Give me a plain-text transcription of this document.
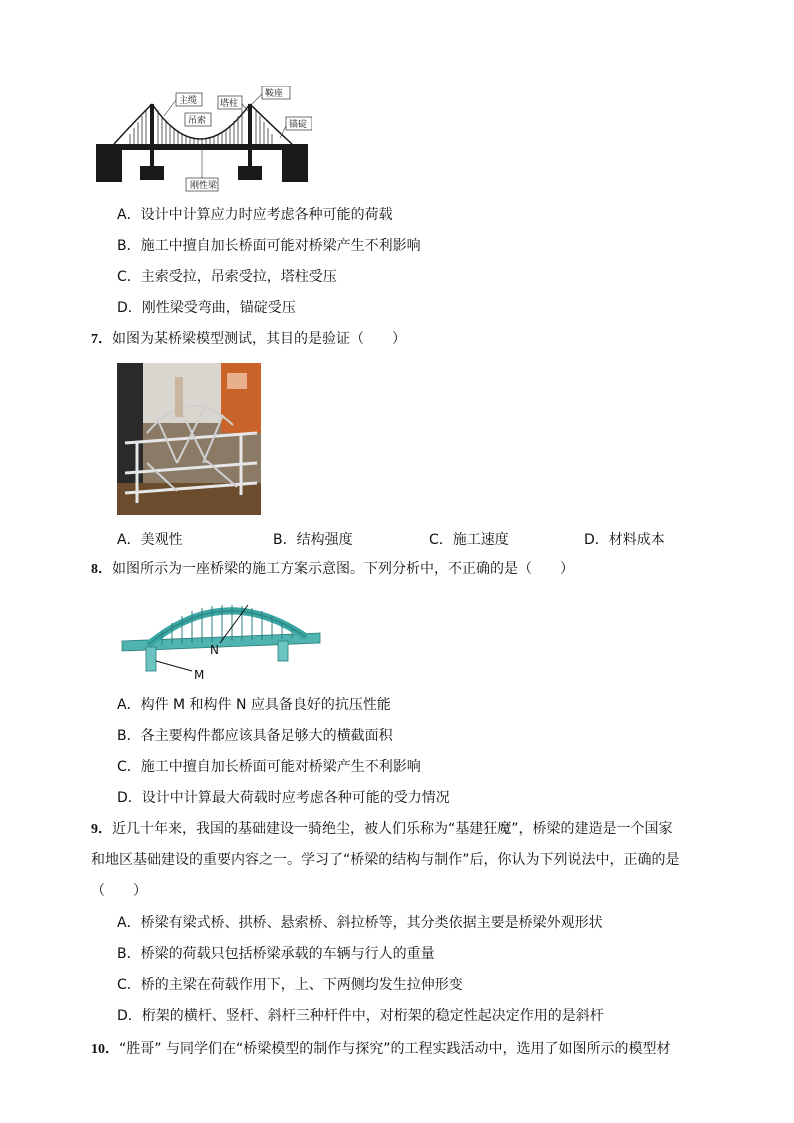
主缆	塔柱
吊索
鞍座
锚碇
刚性梁
A．设计中计算应力时应考虑各种可能的荷载
B．施工中擅自加长桥面可能对桥梁产生不利影响
C．主索受拉，吊索受拉，塔柱受压
D．刚性梁受弯曲，锚碇受压
7．如图为某桥梁模型测试，其目的是验证（　　）
A．美观性	B．结构强度	C．施工速度	D．材料成本
8．如图所示为一座桥梁的施工方案示意图。下列分析中，不正确的是（　　）
N
M
A．构件 M 和构件 N 应具备良好的抗压性能
B．各主要构件都应该具备足够大的横截面积
C．施工中擅自加长桥面可能对桥梁产生不利影响
D．设计中计算最大荷载时应考虑各种可能的受力情况
9．近几十年来，我国的基础建设一骑绝尘，被人们乐称为“基建狂魔”，桥梁的建造是一个国家
和地区基础建设的重要内容之一。学习了“桥梁的结构与制作”后，你认为下列说法中，正确的是
（　　）
A．桥梁有梁式桥、拱桥、悬索桥、斜拉桥等，其分类依据主要是桥梁外观形状
B．桥梁的荷载只包括桥梁承载的车辆与行人的重量
C．桥的主梁在荷载作用下，上、下两侧均发生拉伸形变
D．桁架的横杆、竖杆、斜杆三种杆件中，对桁架的稳定性起决定作用的是斜杆
10．“胜哥” 与同学们在“桥梁模型的制作与探究”的工程实践活动中，选用了如图所示的模型材
